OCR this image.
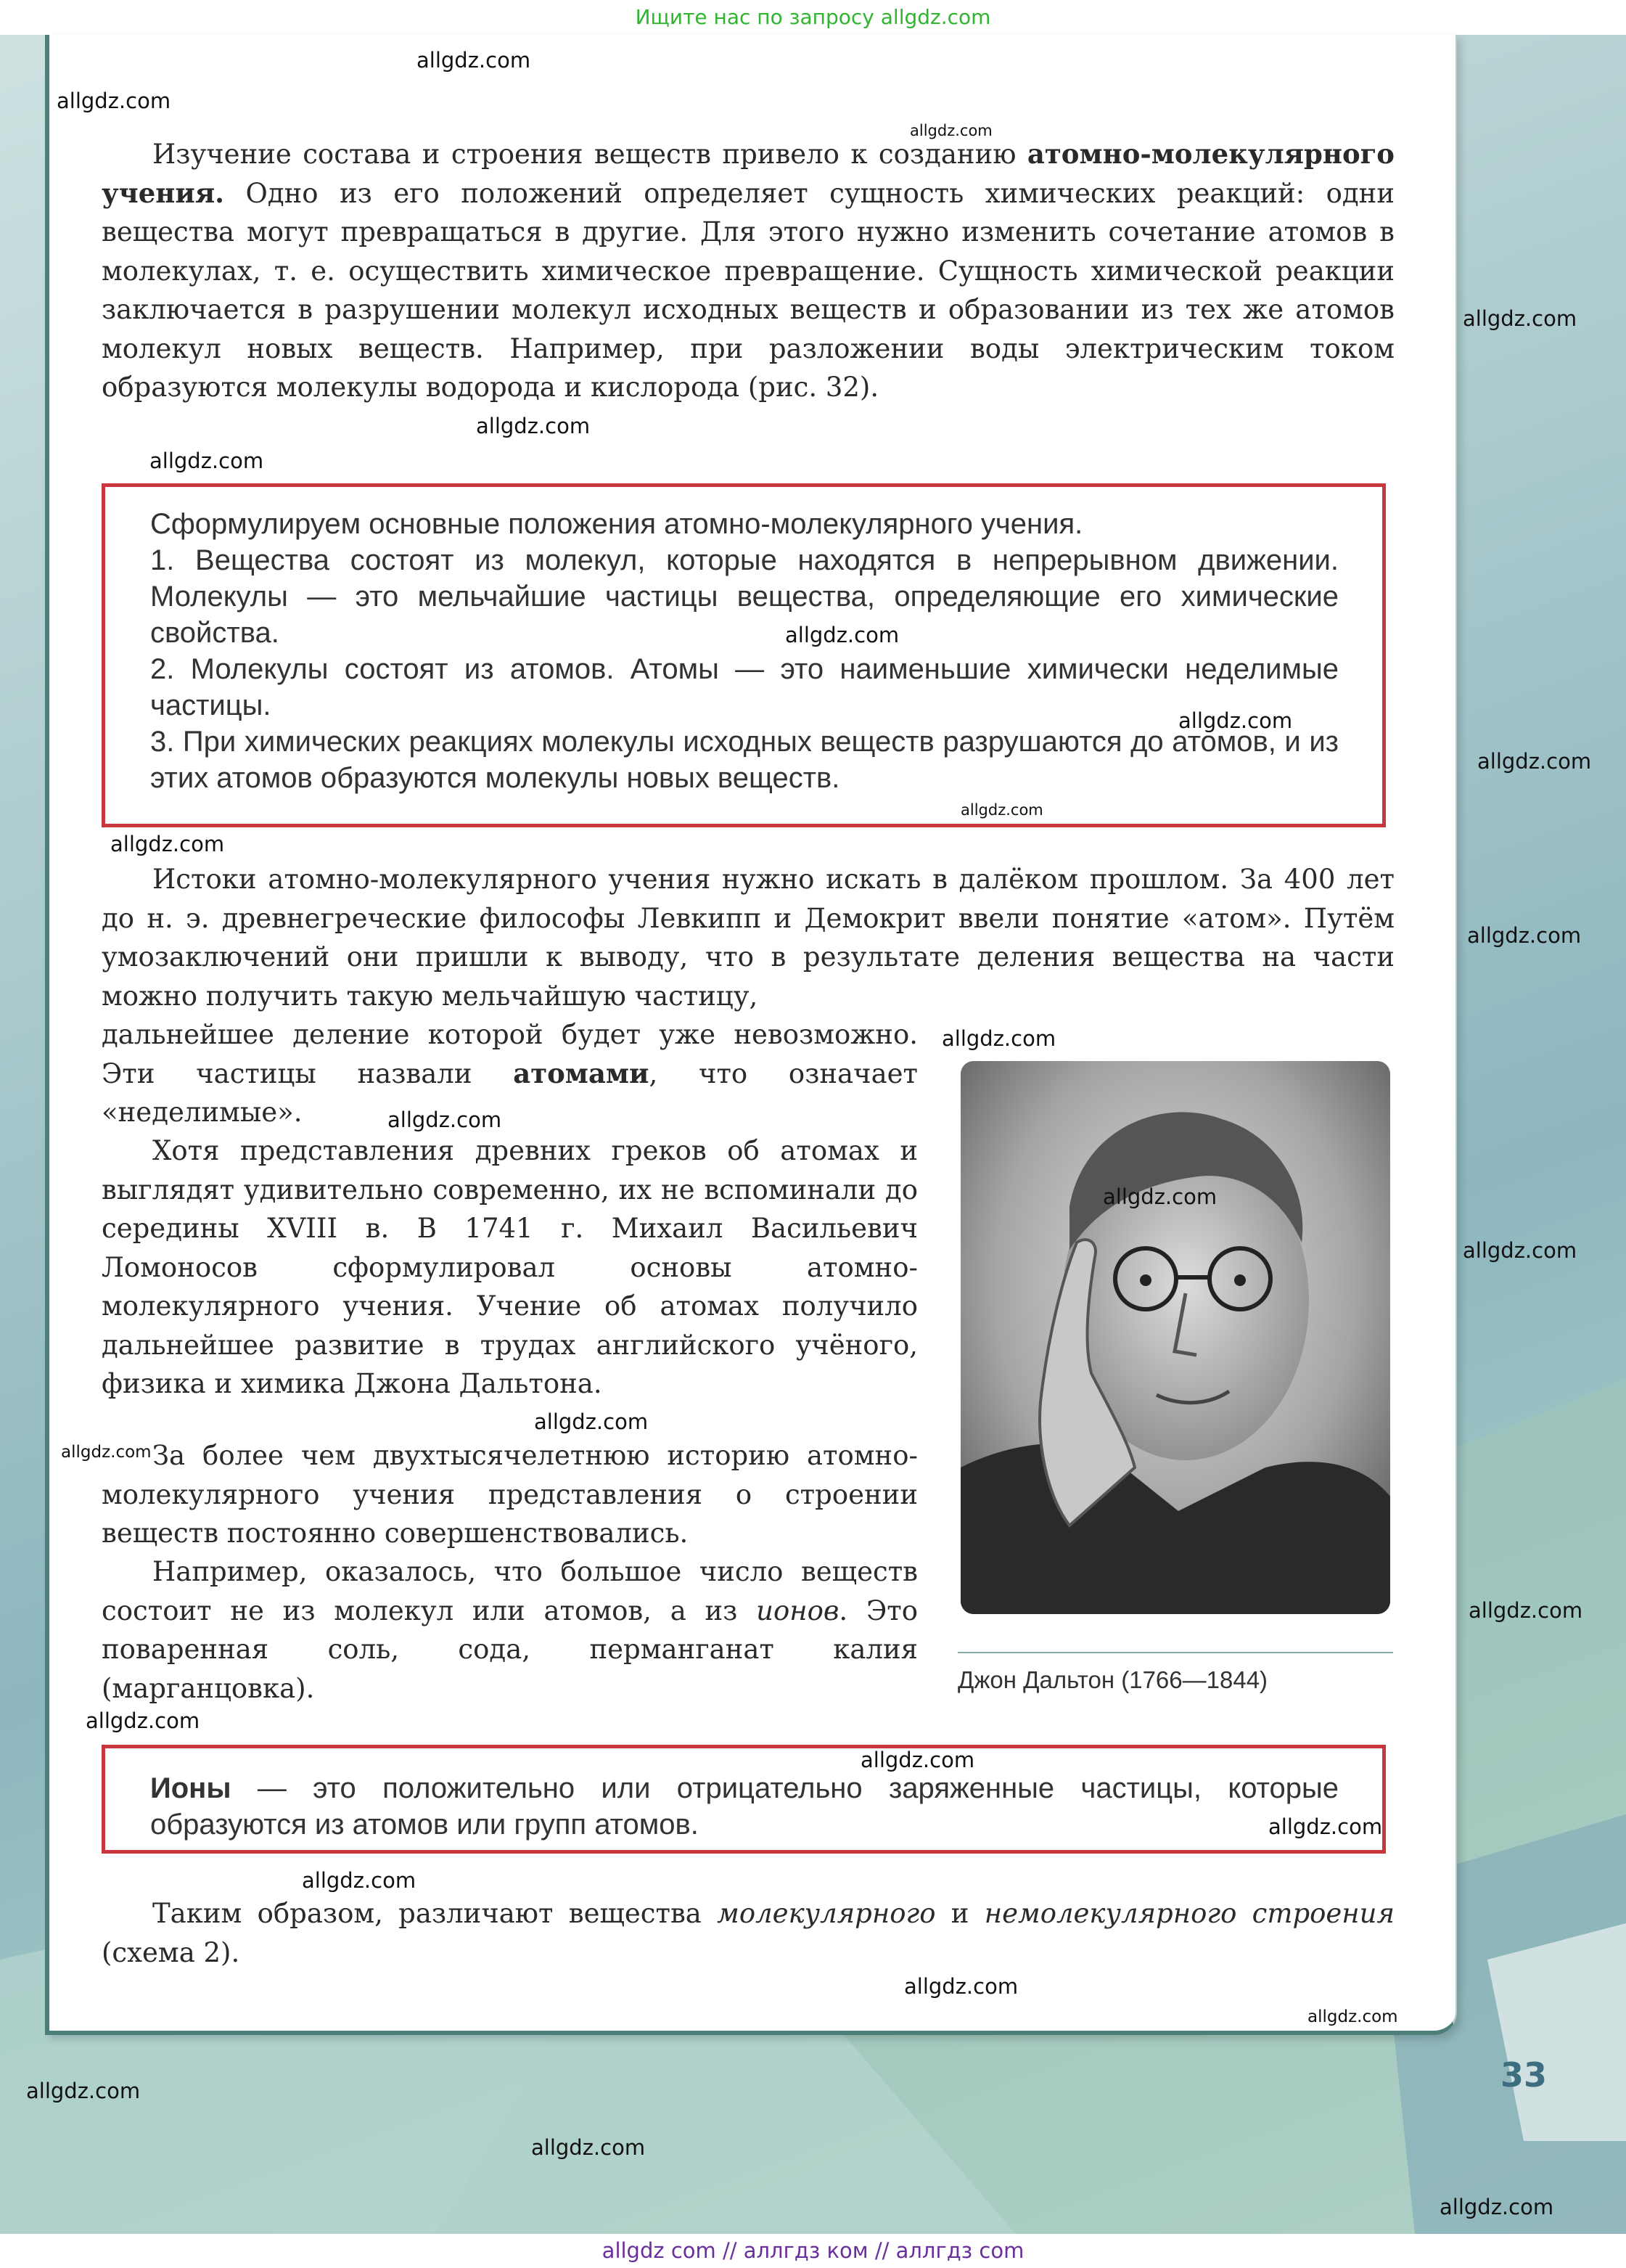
Ищите нас по запросу allgdz.com

Изучение состава и строения веществ привело к созданию атомно-молекулярного учения. Одно из его положений определяет сущность химических реакций: одни вещества могут превращаться в другие. Для этого нужно изменить сочетание атомов в молекулах, т. е. осуществить химическое превращение. Сущность химической реакции заключается в разрушении молекул исходных веществ и образовании из тех же атомов молекул новых веществ. Например, при разложении воды электрическим током образуются молекулы водорода и кислорода (рис. 32).

Сформулируем основные положения атомно-молекулярного учения.

1. Вещества состоят из молекул, которые находятся в непрерывном движении. Молекулы — это мельчайшие частицы вещества, определяющие его химические свойства.

2. Молекулы состоят из атомов. Атомы — это наименьшие химически неделимые частицы.

3. При химических реакциях молекулы исходных веществ разрушаются до атомов, и из этих атомов образуются молекулы новых веществ.

Истоки атомно-молекулярного учения нужно искать в далёком прошлом. За 400 лет до н. э. древнегреческие философы Левкипп и Демокрит ввели понятие «атом». Путём умозаключений они пришли к выводу, что в результате деления вещества на части можно получить такую мельчайшую частицу,

дальнейшее деление которой будет уже невозможно. Эти частицы назвали атомами, что означает «неделимые».

Хотя представления древних греков об атомах и выглядят удивительно современно, их не вспоминали до середины XVIII в. В 1741 г. Михаил Васильевич Ломоносов сформулировал основы атомно-молекулярного учения. Учение об атомах получило дальнейшее развитие в трудах английского учёного, физика и химика Джона Дальтона.

За более чем двухтысячелетнюю историю атомно-молекулярного учения представления о строении веществ постоянно совершенствовались.

Например, оказалось, что большое число веществ состоит не из молекул или атомов, а из ионов. Это поваренная соль, сода, перманганат калия (марганцовка).	Джон Дальтон (1766—1844)

Ионы — это положительно или отрицательно заряженные частицы, которые образуются из атомов или групп атомов.

Таким образом, различают вещества молекулярного и немолекулярного строения (схема 2).

33
allgdz.com
allgdz.com
allgdz.com
allgdz.com
allgdz.com
allgdz.com
allgdz.com
allgdz.com
allgdz.com
allgdz.com
allgdz.com
allgdz.com
allgdz.com
allgdz.com
allgdz.com
allgdz.com
allgdz.com
allgdz.com
allgdz.com
allgdz.com
allgdz.com
allgdz.com
allgdz.com
allgdz.com
allgdz.com
allgdz.com
allgdz.com
allgdz.com
allgdz com // аллгдз ком // аллгдз com
